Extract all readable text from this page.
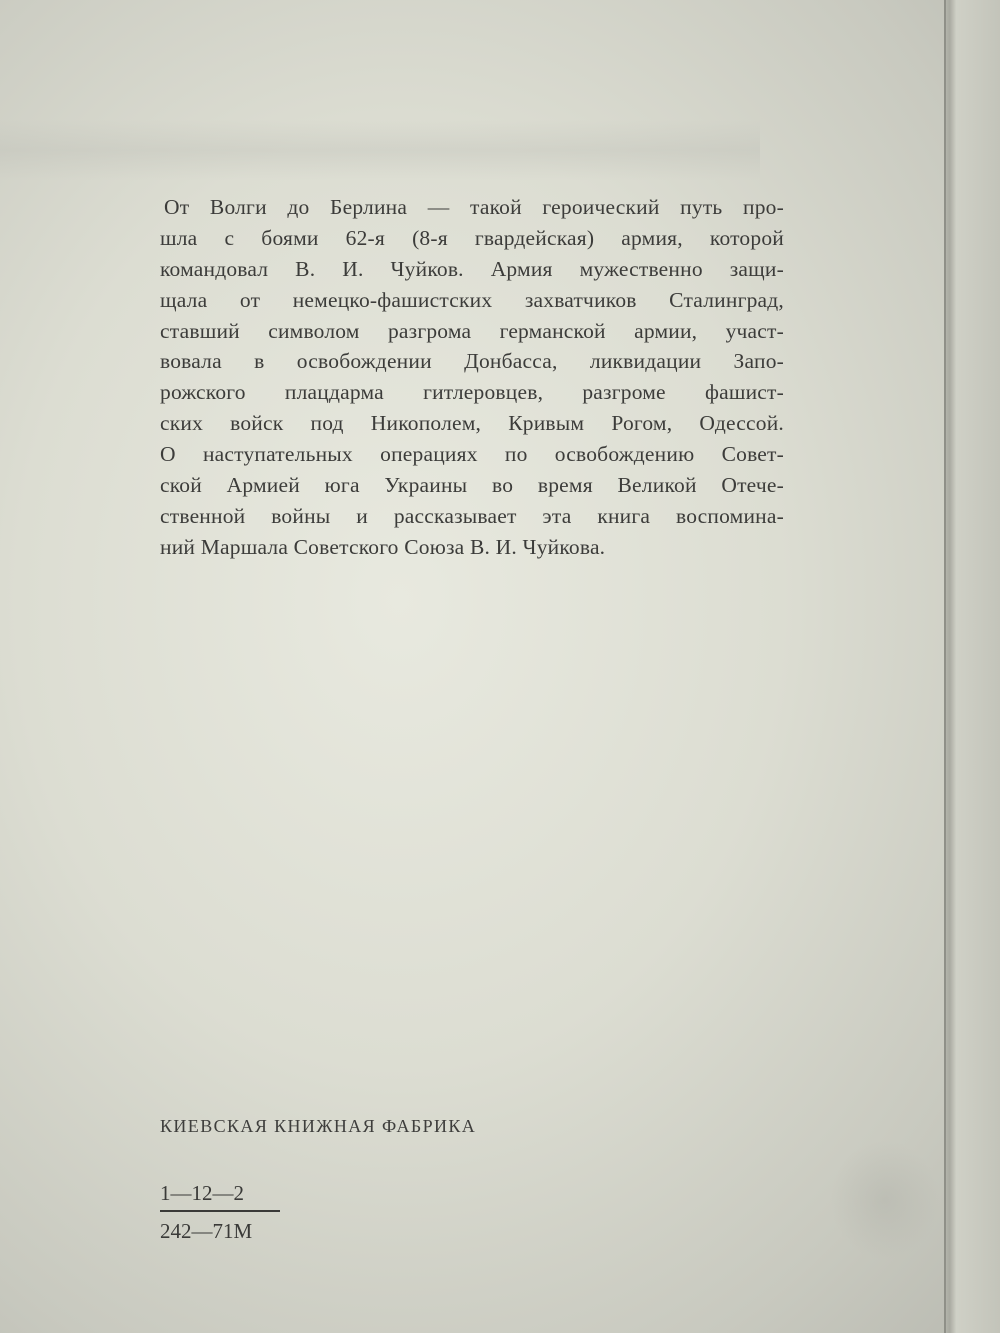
От Волги до Берлина — такой героический путь про-
шла с боями 62-я (8-я гвардейская) армия, которой
командовал В. И. Чуйков. Армия мужественно защи-
щала от немецко-фашистских захватчиков Сталинград,
ставший символом разгрома германской армии, участ-
вовала в освобождении Донбасса, ликвидации Запо-
рожского плацдарма гитлеровцев, разгроме фашист-
ских войск под Никополем, Кривым Рогом, Одессой.
О наступательных операциях по освобождению Совет-
ской Армией юга Украины во время Великой Отече-
ственной войны и рассказывает эта книга воспомина-
ний Маршала Советского Союза В. И. Чуйкова.
КИЕВСКАЯ КНИЖНАЯ ФАБРИКА
1—12—2
242—71М
